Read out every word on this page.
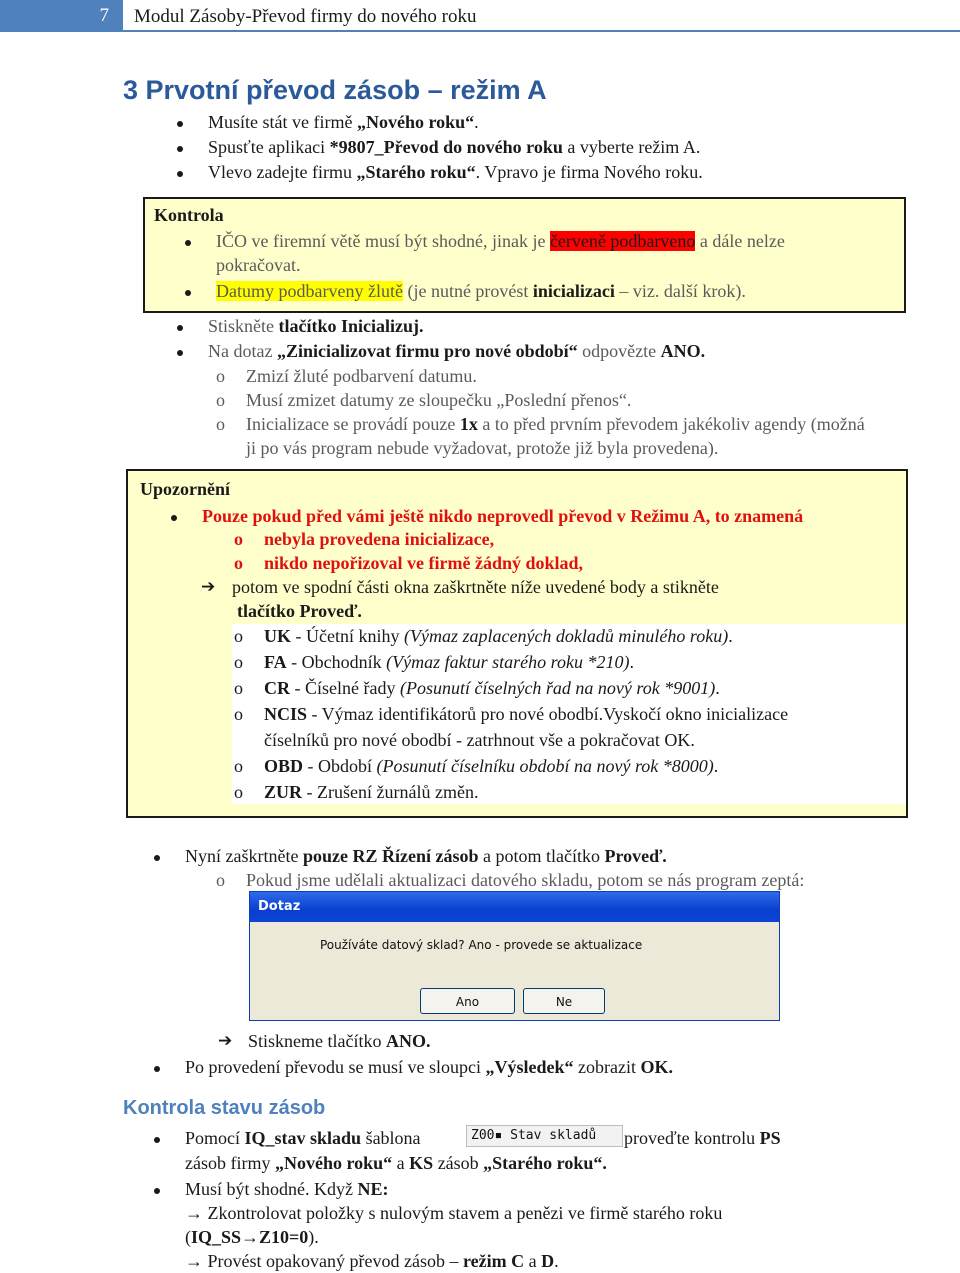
7	Modul Zásoby-Převod firmy do nového roku
3 Prvotní převod zásob – režim A
Musíte stát ve firmě „Nového roku“.
Spusťte aplikaci *9807_Převod do nového roku a vyberte režim A.
Vlevo zadejte firmu „Starého roku“. Vpravo je firma Nového roku.
Kontrola
IČO ve firemní větě musí být shodné, jinak je červeně podbarveno a dále nelze
pokračovat.
Datumy podbarveny žlutě (je nutné provést inicializaci – viz. další krok).
Stiskněte tlačítko Inicializuj.
Na dotaz „Zinicializovat firmu pro nové období“ odpovězte ANO.
o Zmizí žluté podbarvení datumu.
o Musí zmizet datumy ze sloupečku „Poslední přenos“.
o Inicializace se provádí pouze 1x a to před prvním převodem jakékoliv agendy (možná
ji po vás program nebude vyžadovat, protože již byla provedena).
Upozornění
Pouze pokud před vámi ještě nikdo neprovedl převod v Režimu A, to znamená
o nebyla provedena inicializace,
o nikdo nepořizoval ve firmě žádný doklad,
➔ potom ve spodní části okna zaškrtněte níže uvedené body a stikněte
tlačítko Proveď.
o UK - Účetní knihy (Výmaz zaplacených dokladů minulého roku).
o FA - Obchodník (Výmaz faktur starého roku *210).
o CR - Číselné řady (Posunutí číselných řad na nový rok *9001).
o NCIS - Výmaz identifikátorů pro nové obodbí.Vyskočí okno inicializace
číselníků pro nové obodbí - zatrhnout vše a pokračovat OK.
o OBD - Období (Posunutí číselníku období na nový rok *8000).
o ZUR - Zrušení žurnálů změn.
Nyní zaškrtněte pouze RZ Řízení zásob a potom tlačítko Proveď.
o Pokud jsme udělali aktualizaci datového skladu, potom se nás program zeptá:
Dotaz
Používáte datový sklad? Ano - provede se aktualizace
Ano	Ne
➔ Stiskneme tlačítko ANO.
Po provedení převodu se musí ve sloupci „Výsledek“ zobrazit OK.
Kontrola stavu zásob
Pomocí IQ_stav skladu šablona	Z00▪ Stav skladů	proveďte kontrolu PS
zásob firmy „Nového roku“ a KS zásob „Starého roku“.
Musí být shodné. Když NE:
→ Zkontrolovat položky s nulovým stavem a penězi ve firmě starého roku
(IQ_SS→Z10=0).
→ Provést opakovaný převod zásob – režim C a D.
